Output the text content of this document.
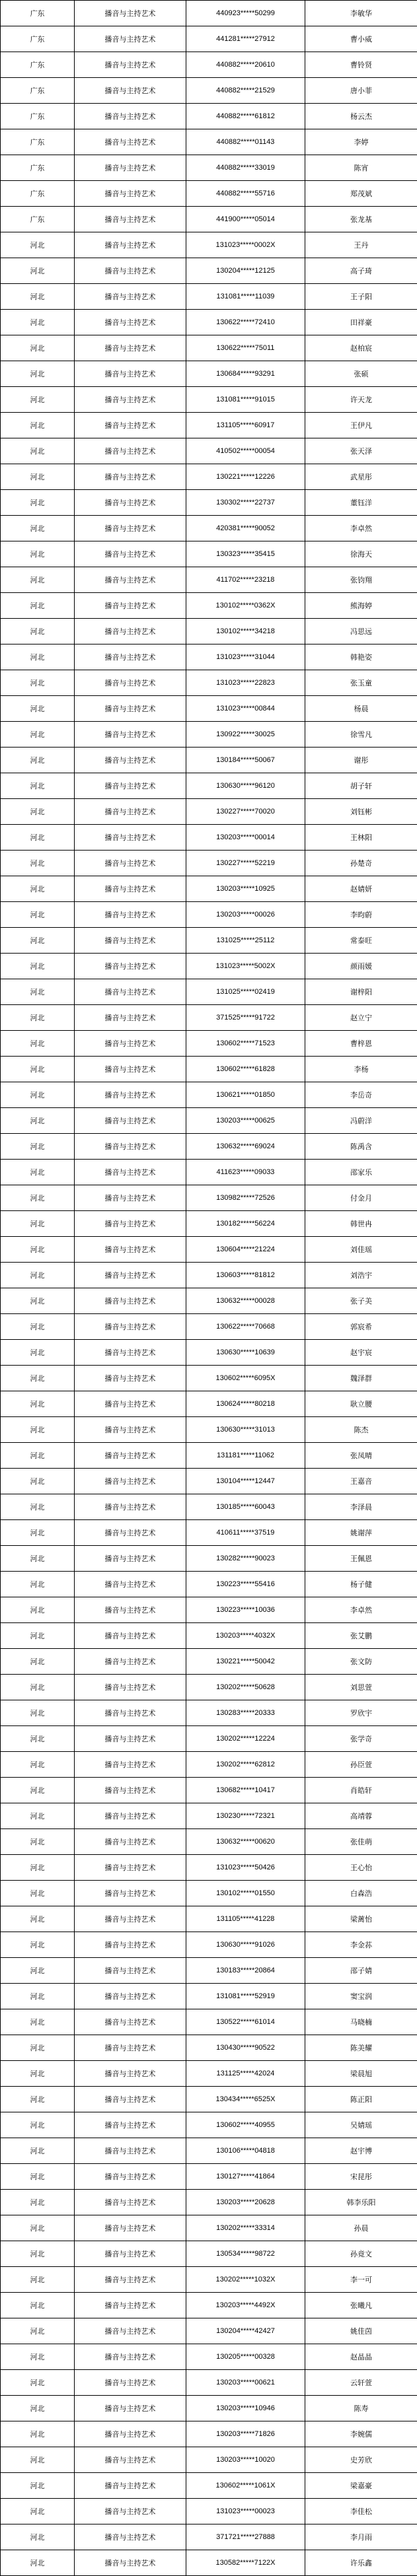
广东	播音与主持艺术	440923*****50299	李敏华
广东	播音与主持艺术	441281*****27912	曹小威
广东	播音与主持艺术	440882*****20610	曹铃贤
广东	播音与主持艺术	440882*****21529	唐小菲
广东	播音与主持艺术	440882*****61812	杨云杰
广东	播音与主持艺术	440882*****01143	李婷
广东	播音与主持艺术	440882*****33019	陈宵
广东	播音与主持艺术	440882*****55716	郑茂斌
广东	播音与主持艺术	441900*****05014	张龙基
河北	播音与主持艺术	131023*****0002X	王丹
河北	播音与主持艺术	130204*****12125	高子琦
河北	播音与主持艺术	131081*****11039	王子阳
河北	播音与主持艺术	130622*****72410	田祥豪
河北	播音与主持艺术	130622*****75011	赵柏宸
河北	播音与主持艺术	130684*****93291	张硕
河北	播音与主持艺术	131081*****91015	许天龙
河北	播音与主持艺术	131105*****60917	王伊凡
河北	播音与主持艺术	410502*****00054	张天泽
河北	播音与主持艺术	130221*****12226	武星彤
河北	播音与主持艺术	130302*****22737	董钰洋
河北	播音与主持艺术	420381*****90052	李卓然
河北	播音与主持艺术	130323*****35415	徐海天
河北	播音与主持艺术	411702*****23218	张钧翔
河北	播音与主持艺术	130102*****0362X	熊海婷
河北	播音与主持艺术	130102*****34218	冯思远
河北	播音与主持艺术	131023*****31044	韩艳姿
河北	播音与主持艺术	131023*****22823	张玉童
河北	播音与主持艺术	131023*****00844	杨晨
河北	播音与主持艺术	130922*****30025	徐雪凡
河北	播音与主持艺术	130184*****50067	谢彤
河北	播音与主持艺术	130630*****96120	胡子轩
河北	播音与主持艺术	130227*****70020	刘钰彬
河北	播音与主持艺术	130203*****00014	王林阳
河北	播音与主持艺术	130227*****52219	孙楚奇
河北	播音与主持艺术	130203*****10925	赵婧妍
河北	播音与主持艺术	130203*****00026	李昀蔚
河北	播音与主持艺术	131025*****25112	常泰旺
河北	播音与主持艺术	131023*****5002X	颜雨媛
河北	播音与主持艺术	131025*****02419	谢梓阳
河北	播音与主持艺术	371525*****91722	赵立宁
河北	播音与主持艺术	130602*****71523	曹梓恩
河北	播音与主持艺术	130602*****61828	李杨
河北	播音与主持艺术	130621*****01850	李岳奇
河北	播音与主持艺术	130203*****00625	冯蔚洋
河北	播音与主持艺术	130632*****69024	陈禹含
河北	播音与主持艺术	411623*****09033	邵家乐
河北	播音与主持艺术	130982*****72526	付金月
河北	播音与主持艺术	130182*****56224	韩世冉
河北	播音与主持艺术	130604*****21224	刘佳瑶
河北	播音与主持艺术	130603*****81812	刘浩宇
河北	播音与主持艺术	130632*****00028	张子美
河北	播音与主持艺术	130622*****70668	郭宸希
河北	播音与主持艺术	130630*****10639	赵宇宸
河北	播音与主持艺术	130602*****6095X	魏泽群
河北	播音与主持艺术	130624*****80218	耿立腰
河北	播音与主持艺术	130630*****31013	陈杰
河北	播音与主持艺术	131181*****11062	张凤晴
河北	播音与主持艺术	130104*****12447	王嘉音
河北	播音与主持艺术	130185*****60043	李泽晨
河北	播音与主持艺术	410611*****37519	姚谢萍
河北	播音与主持艺术	130282*****90023	王佩恩
河北	播音与主持艺术	130223*****55416	杨子健
河北	播音与主持艺术	130223*****10036	李卓然
河北	播音与主持艺术	130203*****4032X	张艾鹏
河北	播音与主持艺术	130221*****50042	张文防
河北	播音与主持艺术	130202*****50628	刘思萱
河北	播音与主持艺术	130283*****20333	罗欣宇
河北	播音与主持艺术	130202*****12224	张学奇
河北	播音与主持艺术	130202*****62812	孙臣萱
河北	播音与主持艺术	130682*****10417	肖皓轩
河北	播音与主持艺术	130230*****72321	高靖蓉
河北	播音与主持艺术	130632*****00620	张佳萌
河北	播音与主持艺术	131023*****50426	王心怡
河北	播音与主持艺术	130102*****01550	白森浩
河北	播音与主持艺术	131105*****41228	梁蓠怡
河北	播音与主持艺术	130630*****91026	李金荪
河北	播音与主持艺术	130183*****20864	邵子婧
河北	播音与主持艺术	131081*****52919	窦宝润
河北	播音与主持艺术	130522*****61014	马晓楠
河北	播音与主持艺术	130430*****90522	陈美耀
河北	播音与主持艺术	131125*****42024	梁晨旭
河北	播音与主持艺术	130434*****6525X	陈正阳
河北	播音与主持艺术	130602*****40955	吴婧瑶
河北	播音与主持艺术	130106*****04818	赵宇博
河北	播音与主持艺术	130127*****41864	宋昆彤
河北	播音与主持艺术	130203*****20628	韩李乐阳
河北	播音与主持艺术	130202*****33314	孙晨
河北	播音与主持艺术	130534*****98722	孙竟文
河北	播音与主持艺术	130202*****1032X	李一可
河北	播音与主持艺术	130203*****4492X	张曦凡
河北	播音与主持艺术	130204*****42427	姚佳茵
河北	播音与主持艺术	130205*****00328	赵晶晶
河北	播音与主持艺术	130203*****00621	云轩萱
河北	播音与主持艺术	130203*****10946	陈寿
河北	播音与主持艺术	130203*****71826	李婉儒
河北	播音与主持艺术	130203*****10020	史芳欣
河北	播音与主持艺术	130602*****1061X	梁嘉豪
河北	播音与主持艺术	131023*****00023	李佳松
河北	播音与主持艺术	371721*****27888	李月雨
河北	播音与主持艺术	130582*****7122X	许乐鑫
